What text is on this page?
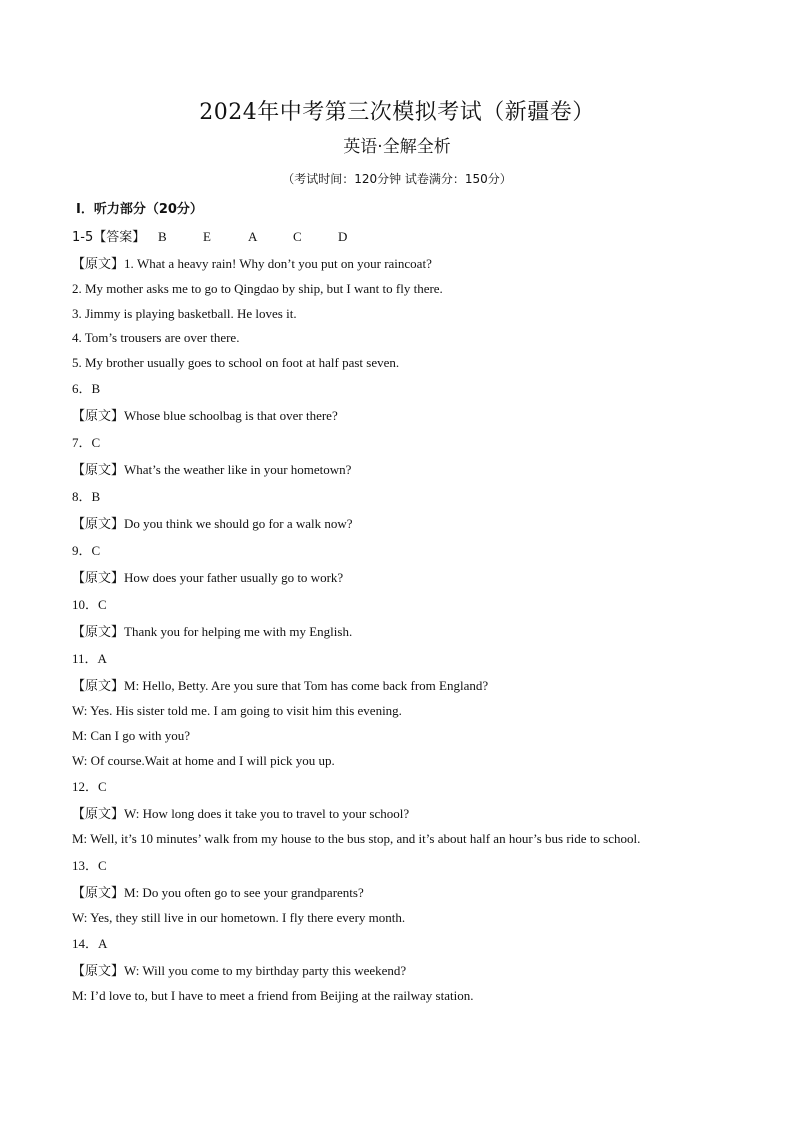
2024年中考第三次模拟考试（新疆卷）
英语·全解全析
（考试时间：120分钟 试卷满分：150分）
Ⅰ．听力部分（20分）
1-5【答案】 B	E	A	C	D
【原文】1. What a heavy rain! Why don’t you put on your raincoat?
2. My mother asks me to go to Qingdao by ship, but I want to fly there.
3. Jimmy is playing basketball. He loves it.
4. Tom’s trousers are over there.
5. My brother usually goes to school on foot at half past seven.
6．B
【原文】Whose blue schoolbag is that over there?
7．C
【原文】What’s the weather like in your hometown?
8．B
【原文】Do you think we should go for a walk now?
9．C
【原文】How does your father usually go to work?
10．C
【原文】Thank you for helping me with my English.
11．A
【原文】M: Hello, Betty. Are you sure that Tom has come back from England?
W: Yes. His sister told me. I am going to visit him this evening.
M: Can I go with you?
W: Of course.Wait at home and I will pick you up.
12．C
【原文】W: How long does it take you to travel to your school?
M: Well, it’s 10 minutes’ walk from my house to the bus stop, and it’s about half an hour’s bus ride to school.
13．C
【原文】M: Do you often go to see your grandparents?
W: Yes, they still live in our hometown. I fly there every month.
14．A
【原文】W: Will you come to my birthday party this weekend?
M: I’d love to, but I have to meet a friend from Beijing at the railway station.
